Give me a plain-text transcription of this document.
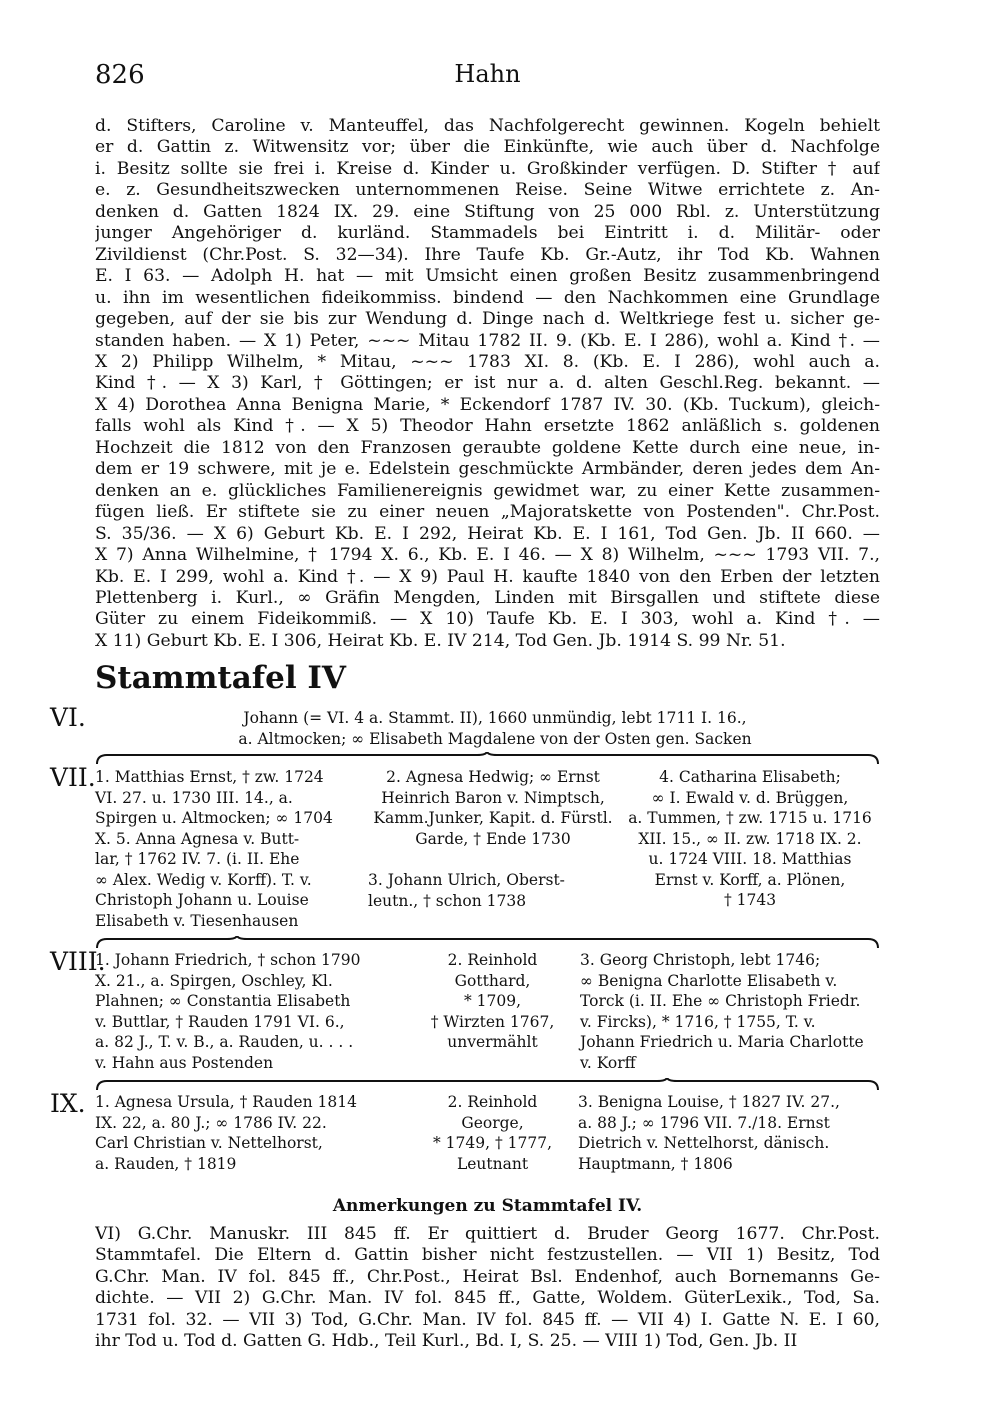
826	Hahn
d. Stifters, Caroline v. Manteuffel, das Nachfolgerecht gewinnen. Kogeln behielt
er d. Gattin z. Witwensitz vor; über die Einkünfte, wie auch über d. Nachfolge
i. Besitz sollte sie frei i. Kreise d. Kinder u. Großkinder verfügen. D. Stifter † auf
e. z. Gesundheitszwecken unternommenen Reise. Seine Witwe errichtete z. An-
denken d. Gatten 1824 IX. 29. eine Stiftung von 25 000 Rbl. z. Unterstützung
junger Angehöriger d. kurländ. Stammadels bei Eintritt i. d. Militär- oder
Zivildienst (Chr.Post. S. 32—34). Ihre Taufe Kb. Gr.-Autz, ihr Tod Kb. Wahnen
E. I 63. — Adolph H. hat — mit Umsicht einen großen Besitz zusammenbringend
u. ihn im wesentlichen fideikommiss. bindend — den Nachkommen eine Grundlage
gegeben, auf der sie bis zur Wendung d. Dinge nach d. Weltkriege fest u. sicher ge-
standen haben. — X 1) Peter, ~~~ Mitau 1782 II. 9. (Kb. E. I 286), wohl a. Kind †. —
X 2) Philipp Wilhelm, * Mitau, ~~~ 1783 XI. 8. (Kb. E. I 286), wohl auch a.
Kind †. — X 3) Karl, † Göttingen; er ist nur a. d. alten Geschl.Reg. bekannt. —
X 4) Dorothea Anna Benigna Marie, * Eckendorf 1787 IV. 30. (Kb. Tuckum), gleich-
falls wohl als Kind †. — X 5) Theodor Hahn ersetzte 1862 anläßlich s. goldenen
Hochzeit die 1812 von den Franzosen geraubte goldene Kette durch eine neue, in-
dem er 19 schwere, mit je e. Edelstein geschmückte Armbänder, deren jedes dem An-
denken an e. glückliches Familienereignis gewidmet war, zu einer Kette zusammen-
fügen ließ. Er stiftete sie zu einer neuen „Majoratskette von Postenden". Chr.Post.
S. 35/36. — X 6) Geburt Kb. E. I 292, Heirat Kb. E. I 161, Tod Gen. Jb. II 660. —
X 7) Anna Wilhelmine, † 1794 X. 6., Kb. E. I 46. — X 8) Wilhelm, ~~~ 1793 VII. 7.,
Kb. E. I 299, wohl a. Kind †. — X 9) Paul H. kaufte 1840 von den Erben der letzten
Plettenberg i. Kurl., ∞ Gräfin Mengden, Linden mit Birsgallen und stiftete diese
Güter zu einem Fideikommiß. — X 10) Taufe Kb. E. I 303, wohl a. Kind †. —
X 11) Geburt Kb. E. I 306, Heirat Kb. E. IV 214, Tod Gen. Jb. 1914 S. 99 Nr. 51.
Stammtafel IV
VI.
VII.
VIII.
IX.
Johann (= VI. 4 a. Stammt. II), 1660 unmündig, lebt 1711 I. 16.,
a. Altmocken; ∞ Elisabeth Magdalene von der Osten gen. Sacken
1. Matthias Ernst, † zw. 1724
VI. 27. u. 1730 III. 14., a.
Spirgen u. Altmocken; ∞ 1704
X. 5. Anna Agnesa v. Butt-
lar, † 1762 IV. 7. (i. II. Ehe
∞ Alex. Wedig v. Korff). T. v.
Christoph Johann u. Louise
Elisabeth v. Tiesenhausen
2. Agnesa Hedwig; ∞ Ernst
Heinrich Baron v. Nimptsch,
Kamm.Junker, Kapit. d. Fürstl.
Garde, † Ende 1730
3. Johann Ulrich, Oberst-
leutn., † schon 1738
4. Catharina Elisabeth;
∞ I. Ewald v. d. Brüggen,
a. Tummen, † zw. 1715 u. 1716
XII. 15., ∞ II. zw. 1718 IX. 2.
u. 1724 VIII. 18. Matthias
Ernst v. Korff, a. Plönen,
† 1743
1. Johann Friedrich, † schon 1790
X. 21., a. Spirgen, Oschley, Kl.
Plahnen; ∞ Constantia Elisabeth
v. Buttlar, † Rauden 1791 VI. 6.,
a. 82 J., T. v. B., a. Rauden, u. . . .
v. Hahn aus Postenden
2. Reinhold
Gotthard,
* 1709,
† Wirzten 1767,
unvermählt
3. Georg Christoph, lebt 1746;
∞ Benigna Charlotte Elisabeth v.
Torck (i. II. Ehe ∞ Christoph Friedr.
v. Fircks), * 1716, † 1755, T. v.
Johann Friedrich u. Maria Charlotte
v. Korff
1. Agnesa Ursula, † Rauden 1814
IX. 22, a. 80 J.; ∞ 1786 IV. 22.
Carl Christian v. Nettelhorst,
a. Rauden, † 1819
2. Reinhold
George,
* 1749, † 1777,
Leutnant
3. Benigna Louise, † 1827 IV. 27.,
a. 88 J.; ∞ 1796 VII. 7./18. Ernst
Dietrich v. Nettelhorst, dänisch.
Hauptmann, † 1806
Anmerkungen zu Stammtafel IV.
VI) G.Chr. Manuskr. III 845 ff. Er quittiert d. Bruder Georg 1677. Chr.Post.
Stammtafel. Die Eltern d. Gattin bisher nicht festzustellen. — VII 1) Besitz, Tod
G.Chr. Man. IV fol. 845 ff., Chr.Post., Heirat Bsl. Endenhof, auch Bornemanns Ge-
dichte. — VII 2) G.Chr. Man. IV fol. 845 ff., Gatte, Woldem. GüterLexik., Tod, Sa.
1731 fol. 32. — VII 3) Tod, G.Chr. Man. IV fol. 845 ff. — VII 4) I. Gatte N. E. I 60,
ihr Tod u. Tod d. Gatten G. Hdb., Teil Kurl., Bd. I, S. 25. — VIII 1) Tod, Gen. Jb. II
